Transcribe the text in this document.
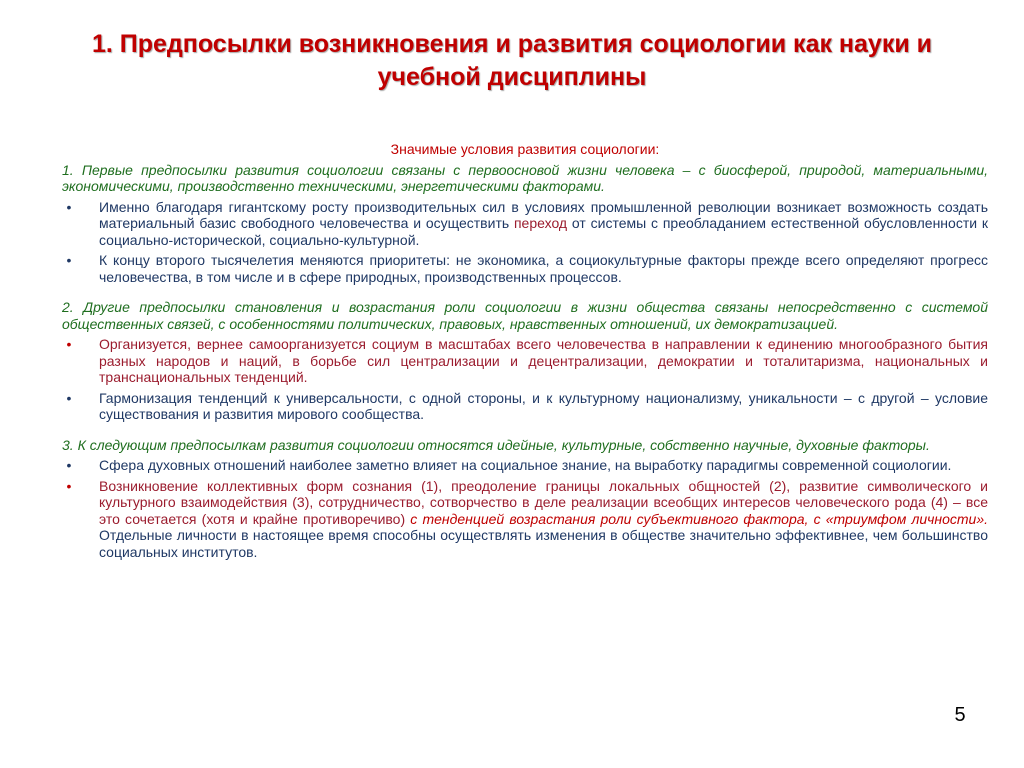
1. Предпосылки возникновения и развития социологии как науки и учебной дисциплины
Значимые условия развития социологии:
1. Первые предпосылки развития социологии связаны с первоосновой жизни человека – с биосферой, природой, материальными, экономическими, производственно техническими, энергетическими факторами.
•	Именно благодаря гигантскому росту производительных сил в условиях промышленной революции возникает возможность создать материальный базис свободного человечества и осуществить переход от системы с преобладанием естественной обусловленности к социально-исторической, социально-культурной.
•	К концу второго тысячелетия меняются приоритеты: не экономика, а социокультурные факторы прежде всего определяют прогресс человечества, в том числе и в сфере природных, производственных процессов.
2. Другие предпосылки становления и возрастания роли социологии в жизни общества связаны непосредственно с системой общественных связей, с особенностями политических, правовых, нравственных отношений, их демократизацией.
•	Организуется, вернее самоорганизуется социум в масштабах всего человечества в направлении к единению многообразного бытия разных народов и наций, в борьбе сил централизации и децентрализации, демократии и тоталитаризма, национальных и транснациональных тенденций.
•	Гармонизация тенденций к универсальности, с одной стороны, и к культурному национализму, уникальности – с другой – условие существования и развития мирового сообщества.
3. К следующим предпосылкам развития социологии относятся идейные, культурные, собственно научные, духовные факторы.
•	Сфера духовных отношений наиболее заметно влияет на социальное знание, на выработку парадигмы современной социологии.
•	Возникновение коллективных форм сознания (1), преодоление границы локальных общностей (2), развитие символического и культурного взаимодействия (3), сотрудничество, сотворчество в деле реализации всеобщих интересов человеческого рода (4) – все это сочетается (хотя и крайне противоречиво) с тенденцией возрастания роли субъективного фактора, с «триумфом личности». Отдельные личности в настоящее время способны осуществлять изменения в обществе значительно эффективнее, чем большинство социальных институтов.
5
